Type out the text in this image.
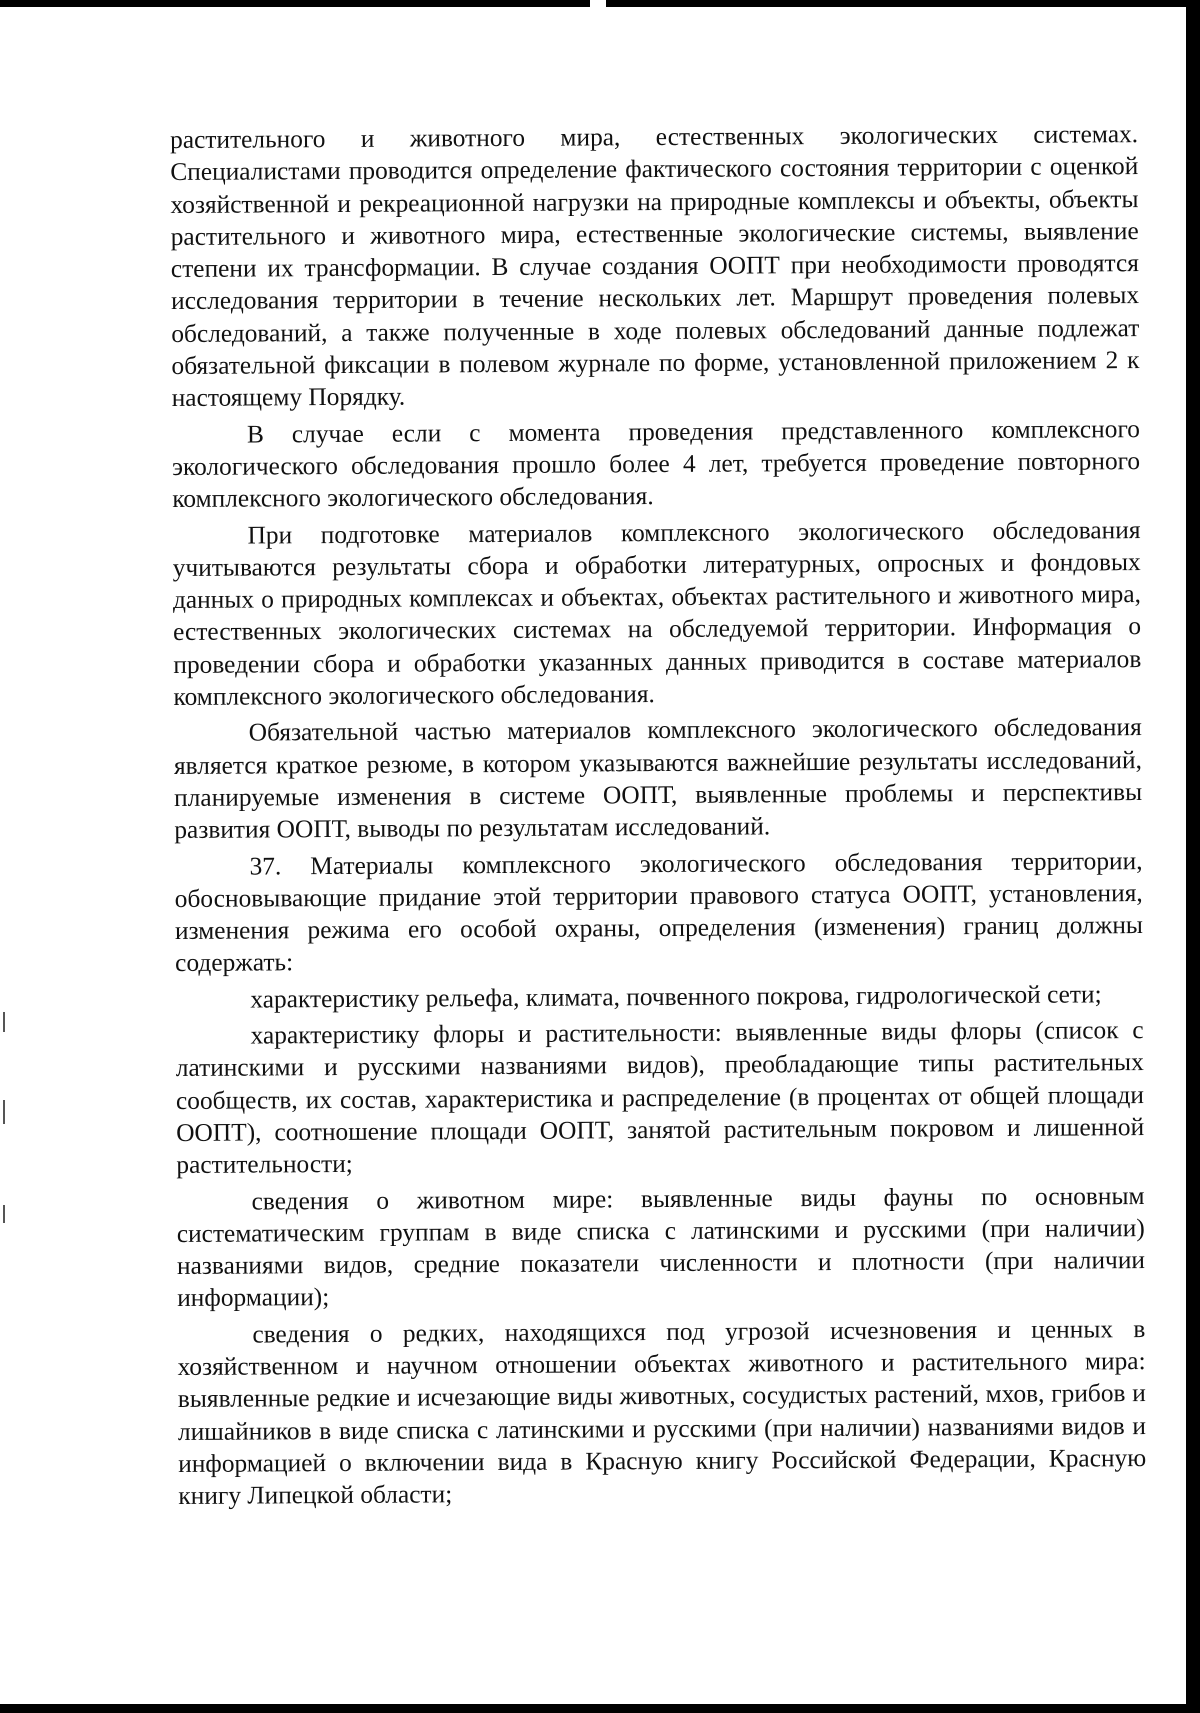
растительного и животного мира, естественных экологических системах. Специалистами проводится определение фактического состояния территории с оценкой хозяйственной и рекреационной нагрузки на природные комплексы и объекты, объекты растительного и животного мира, естественные экологические системы, выявление степени их трансформации. В случае создания ООПТ при необходимости проводятся исследования территории в течение нескольких лет. Маршрут проведения полевых обследований, а также полученные в ходе полевых обследований данные подлежат обязательной фиксации в полевом журнале по форме, установленной приложением 2 к настоящему Порядку.

В случае если с момента проведения представленного комплексного экологического обследования прошло более 4 лет, требуется проведение повторного комплексного экологического обследования.

При подготовке материалов комплексного экологического обследования учитываются результаты сбора и обработки литературных, опросных и фондовых данных о природных комплексах и объектах, объектах растительного и животного мира, естественных экологических системах на обследуемой территории. Информация о проведении сбора и обработки указанных данных приводится в составе материалов комплексного экологического обследования.

Обязательной частью материалов комплексного экологического обследования является краткое резюме, в котором указываются важнейшие результаты исследований, планируемые изменения в системе ООПТ, выявленные проблемы и перспективы развития ООПТ, выводы по результатам исследований.

37. Материалы комплексного экологического обследования территории, обосновывающие придание этой территории правового статуса ООПТ, установления, изменения режима его особой охраны, определения (изменения) границ должны содержать:

характеристику рельефа, климата, почвенного покрова, гидрологической сети;

характеристику флоры и растительности: выявленные виды флоры (список с латинскими и русскими названиями видов), преобладающие типы растительных сообществ, их состав, характеристика и распределение (в процентах от общей площади ООПТ), соотношение площади ООПТ, занятой растительным покровом и лишенной растительности;

сведения о животном мире: выявленные виды фауны по основным систематическим группам в виде списка с латинскими и русскими (при наличии) названиями видов, средние показатели численности и плотности (при наличии информации);

сведения о редких, находящихся под угрозой исчезновения и ценных в хозяйственном и научном отношении объектах животного и растительного мира: выявленные редкие и исчезающие виды животных, сосудистых растений, мхов, грибов и лишайников в виде списка с латинскими и русскими (при наличии) названиями видов и информацией о включении вида в Красную книгу Российской Федерации, Красную книгу Липецкой области;
